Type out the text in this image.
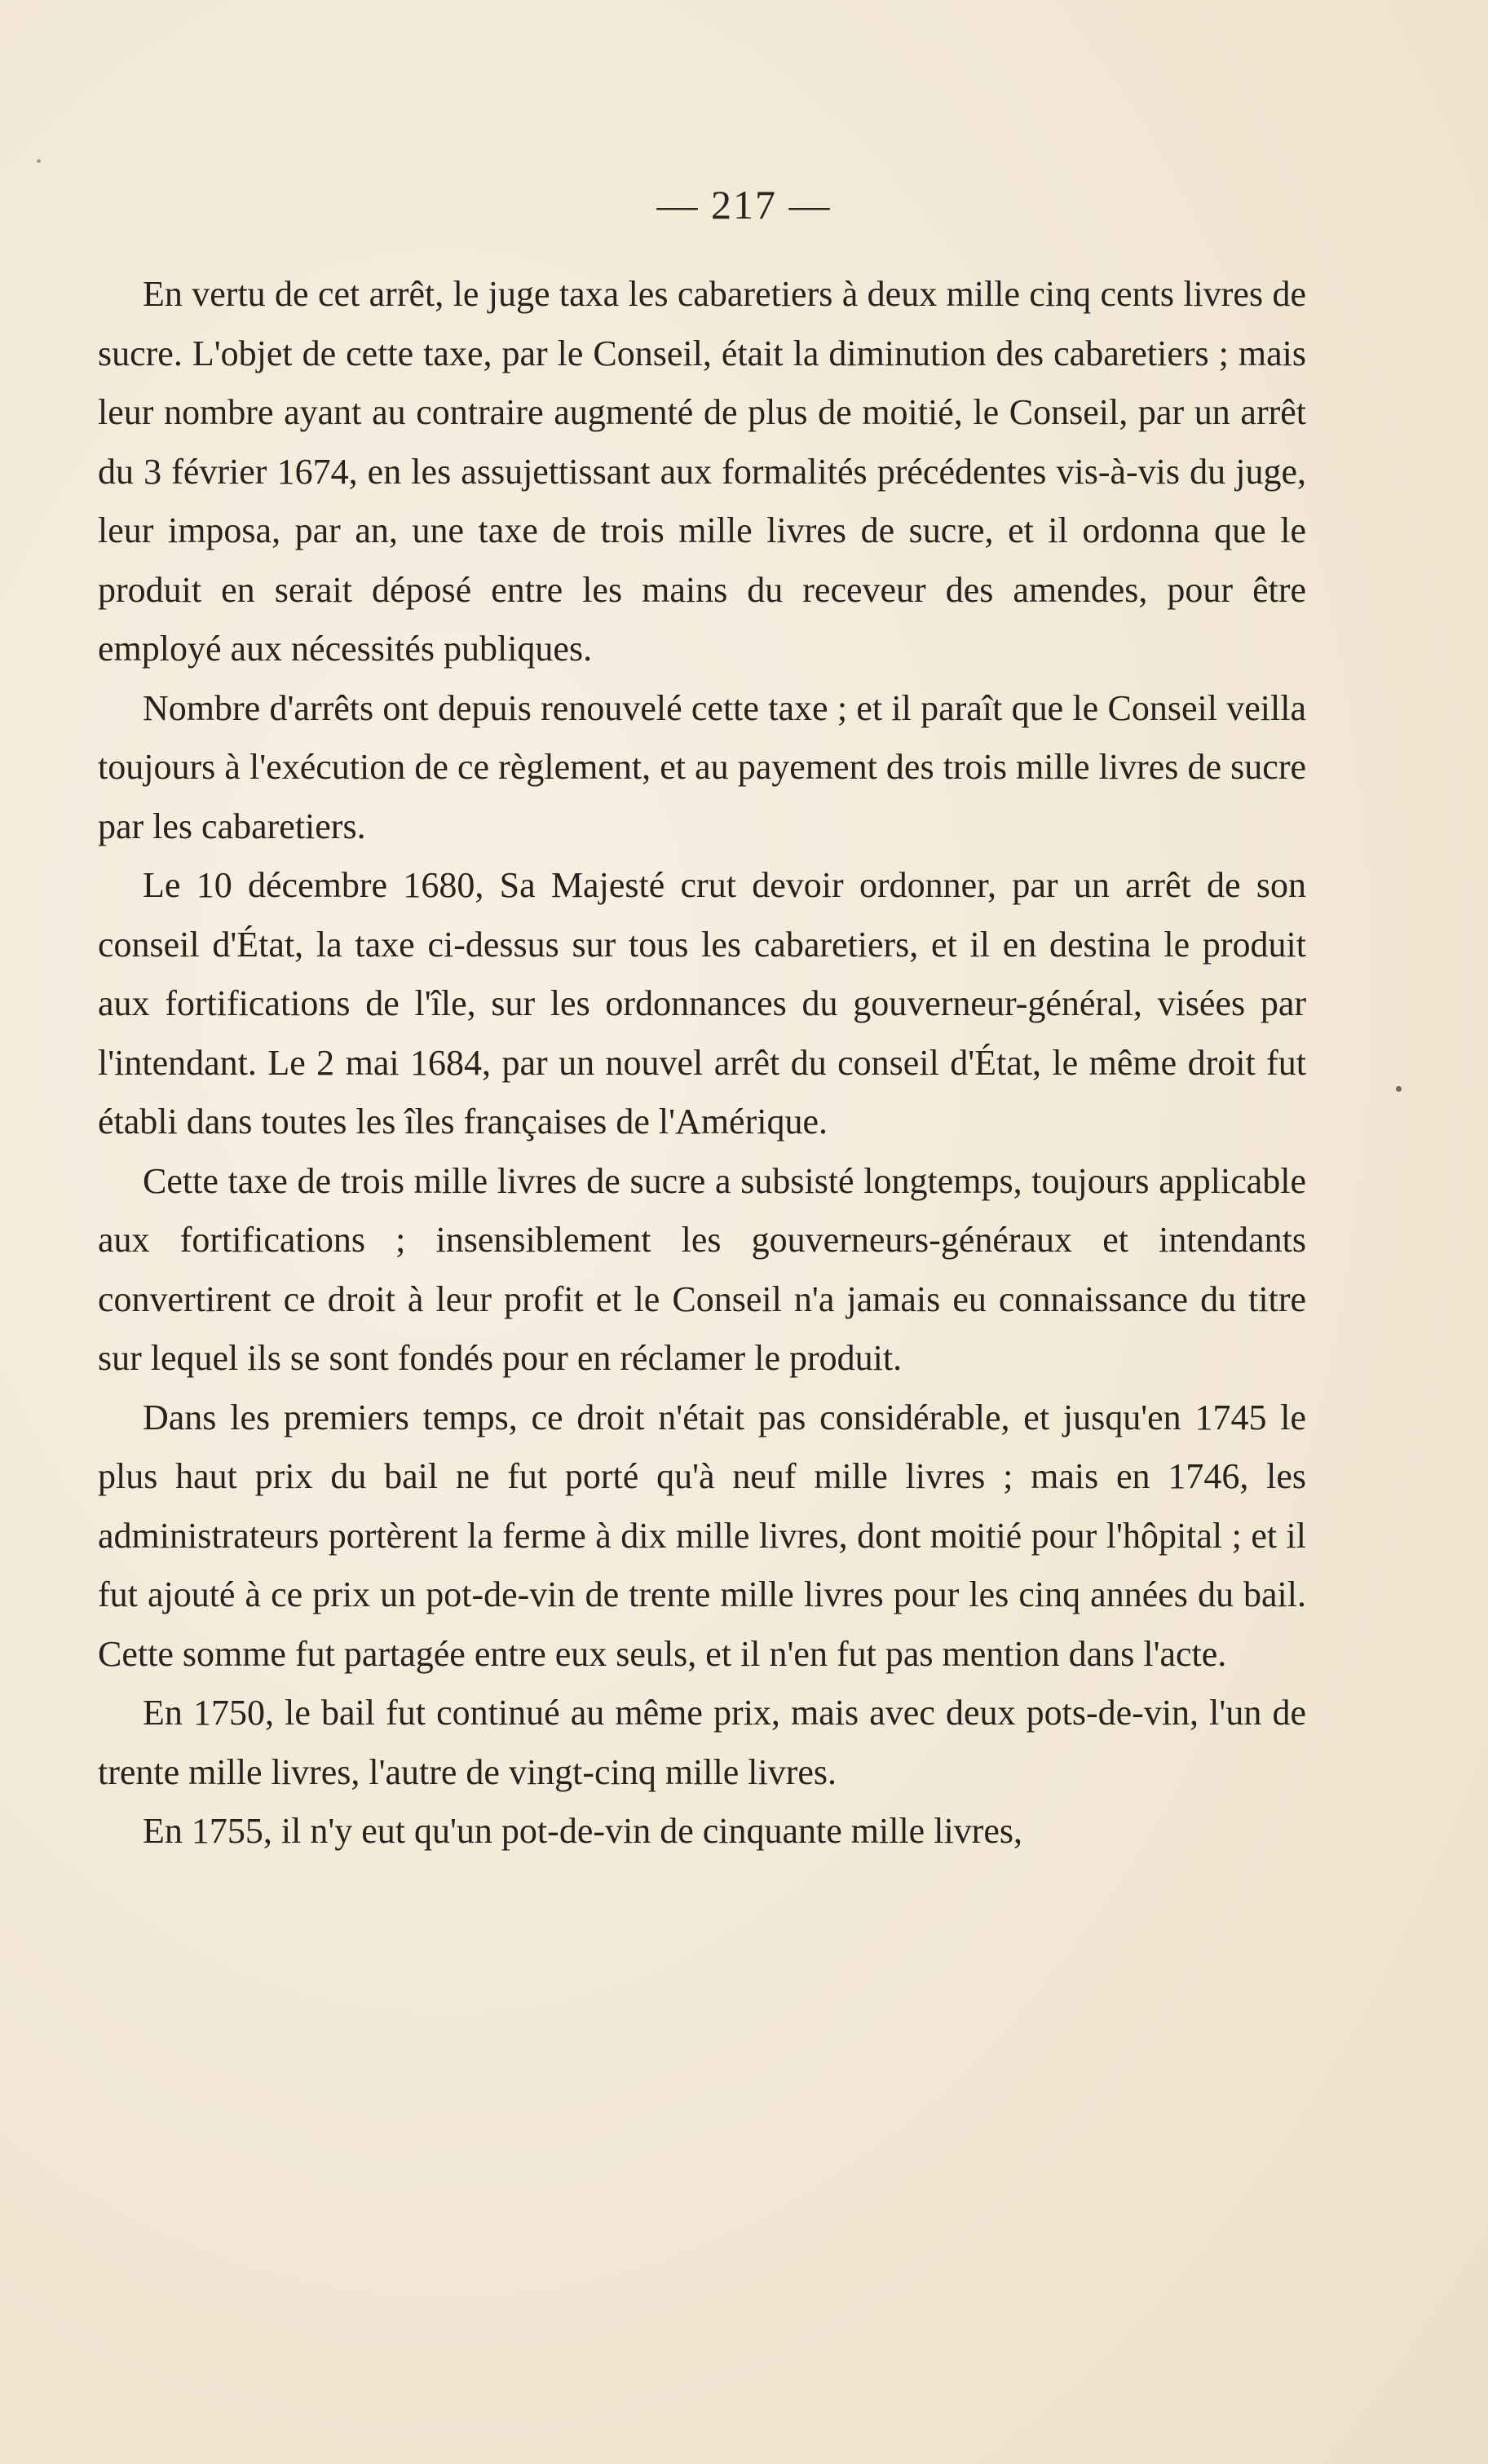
— 217 —

En vertu de cet arrêt, le juge taxa les cabaretiers à deux mille cinq cents livres de sucre. L'objet de cette taxe, par le Conseil, était la diminution des cabaretiers ; mais leur nombre ayant au contraire augmenté de plus de moitié, le Conseil, par un arrêt du 3 février 1674, en les assujettissant aux formalités précédentes vis-à-vis du juge, leur imposa, par an, une taxe de trois mille livres de sucre, et il ordonna que le produit en serait déposé entre les mains du receveur des amendes, pour être employé aux nécessités publiques.

Nombre d'arrêts ont depuis renouvelé cette taxe ; et il paraît que le Conseil veilla toujours à l'exécution de ce règlement, et au payement des trois mille livres de sucre par les cabaretiers.

Le 10 décembre 1680, Sa Majesté crut devoir ordonner, par un arrêt de son conseil d'État, la taxe ci-dessus sur tous les cabaretiers, et il en destina le produit aux fortifications de l'île, sur les ordonnances du gouverneur-général, visées par l'intendant. Le 2 mai 1684, par un nouvel arrêt du conseil d'État, le même droit fut établi dans toutes les îles françaises de l'Amérique.

Cette taxe de trois mille livres de sucre a subsisté longtemps, toujours applicable aux fortifications ; insensiblement les gouverneurs-généraux et intendants convertirent ce droit à leur profit et le Conseil n'a jamais eu connaissance du titre sur lequel ils se sont fondés pour en réclamer le produit.

Dans les premiers temps, ce droit n'était pas considérable, et jusqu'en 1745 le plus haut prix du bail ne fut porté qu'à neuf mille livres ; mais en 1746, les administrateurs portèrent la ferme à dix mille livres, dont moitié pour l'hôpital ; et il fut ajouté à ce prix un pot-de-vin de trente mille livres pour les cinq années du bail. Cette somme fut partagée entre eux seuls, et il n'en fut pas mention dans l'acte.

En 1750, le bail fut continué au même prix, mais avec deux pots-de-vin, l'un de trente mille livres, l'autre de vingt-cinq mille livres.

En 1755, il n'y eut qu'un pot-de-vin de cinquante mille livres,
